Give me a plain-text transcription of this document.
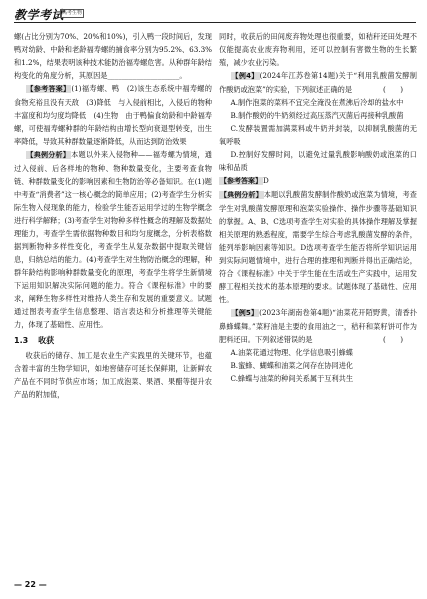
教学考试
高考生物

螺(占比分别为70%、20%和10%)，引入鸭一段时间后，发现鸭对幼龄、中龄和老龄福寿螺的捕食率分别为95.2%、63.3%和1.2%，结果表明该种技术能防治福寿螺危害。从种群年龄结构变化的角度分析，其原因是____________________。

【参考答案】(1)福寿螺、鸭　(2)该生态系统中福寿螺的食物充裕且没有天敌　(3)降低　与入侵前相比，入侵后的物种丰富度和均匀度均降低　(4)生物　由于鸭偏食幼龄和中龄福寿螺，可使福寿螺种群的年龄结构由增长型向衰退型转变，出生率降低，导致其种群数量逐渐降低，从而达到防治效果

【典例分析】本题以外来入侵物种——福寿螺为情境，通过入侵前、后各样地的物种、物种数量变化，主要考查食物链、种群数量变化的影响因素和生物防治等必备知识。在(1)题中考查“消费者”这一核心概念的简单应用；(2)考查学生分析实际生物入侵现象的能力，检验学生能否运用学过的生物学概念进行科学解释；(3)考查学生对物种多样性概念的理解及数据处理能力，考查学生需依据物种数目和均匀度概念，分析表格数据判断物种多样性变化，考查学生从复杂数据中提取关键信息，归纳总结的能力。(4)考查学生对生物防治概念的理解，种群年龄结构影响种群数量变化的原理，考查学生将学生新情境下运用知识解决实际问题的能力。符合《课程标准》中的要求，阐释生物多样性对维持人类生存和发展的重要意义。试题通过图表考查学生信息整理、语言表达和分析推理等关键能力，体现了基础性、应用性。

1.3 收获

收获后的储存、加工是农业生产实践里的关键环节，也蕴含着丰富的生物学知识，如地窖储存可延长保鲜期，让新鲜农产品在不同时节供应市场；加工成泡菜、果酒、果醋等提升农产品的附加值，

同时，收获后的田间废弃物处理也很重要，如秸秆还田处理不仅能提高农业废弃物利用，还可以控制有害微生物的生长繁殖，减少农业污染。

【例4】(2024年江苏卷第14题)关于“利用乳酸菌发酵制作酸奶或泡菜”的实验，下列叙述正确的是	(　　)

A.制作泡菜的菜料不宜完全淹没在煮沸后冷却的盐水中

B.制作酸奶的牛奶须经过高压蒸汽灭菌后再接种乳酸菌

C.发酵装置需加满菜料或牛奶并封装，以抑制乳酸菌的无氧呼吸

D.控制好发酵时间，以避免过量乳酸影响酸奶或泡菜的口味和品质

【参考答案】D

【典例分析】本题以乳酸菌发酵制作酸奶或泡菜为情境，考查学生对乳酸菌发酵原理和泡菜实验操作、操作步骤等基础知识的掌握。A、B、C选项考查学生对实验的具体操作理解及掌握相关原理的熟悉程度，需要学生综合考虑乳酸菌发酵的条件，能列举影响因素等知识。D选项考查学生能否将所学知识运用到实际问题情境中，进行合理的推理和判断并得出正确结论，符合《课程标准》中关于学生能在生活或生产实践中，运用发酵工程相关技术的基本原理的要求。试题体现了基础性、应用性。

【例5】(2023年湖南卷第4题)“油菜花开陌野黄，清香扑鼻蜂蝶舞。”菜籽油是主要的食用油之一，秸秆和菜籽饼可作为肥料还田。下列叙述错误的是	(　　)

A.油菜花通过物理、化学信息吸引蜂蝶

B.蜜蜂、蝴蝶和油菜之间存在协同进化

C.蜂蝶与油菜的种间关系属于互利共生

— 22 —
